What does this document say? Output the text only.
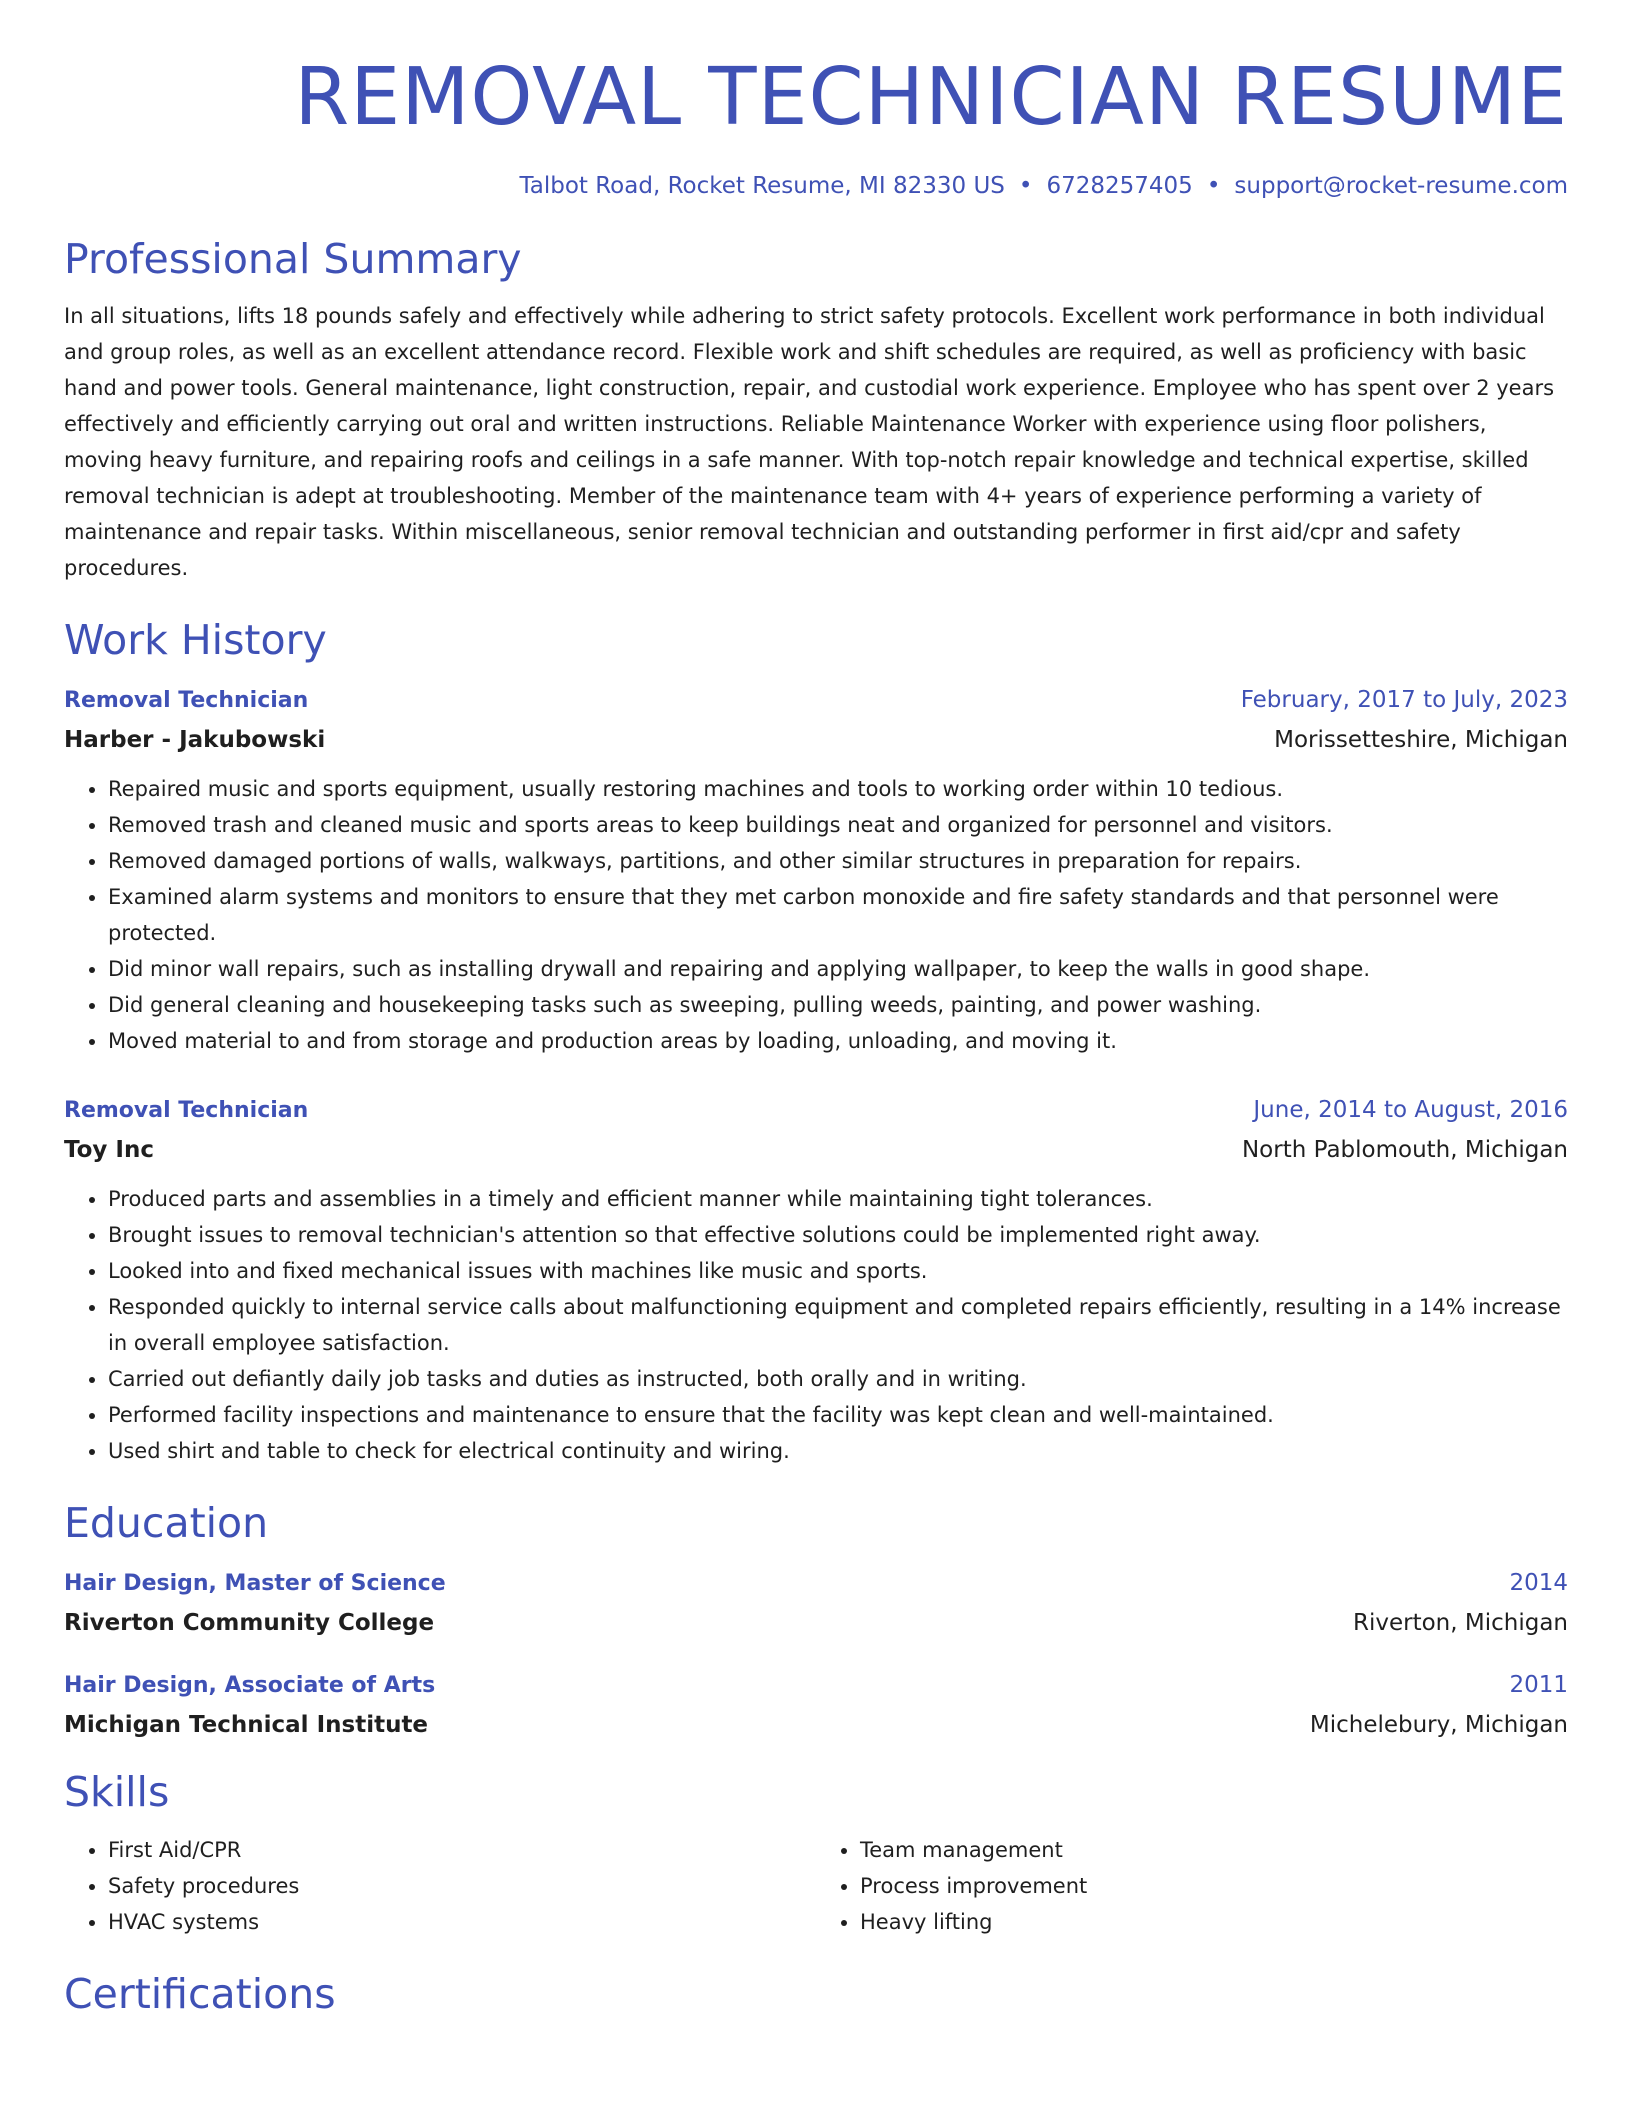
REMOVAL TECHNICIAN RESUME
Talbot Road, Rocket Resume, MI 82330 US • 6728257405 • support@rocket-resume.com
Professional Summary
In all situations, lifts 18 pounds safely and effectively while adhering to strict safety protocols. Excellent work performance in both individual and group roles, as well as an excellent attendance record. Flexible work and shift schedules are required, as well as proficiency with basic hand and power tools. General maintenance, light construction, repair, and custodial work experience. Employee who has spent over 2 years effectively and efficiently carrying out oral and written instructions. Reliable Maintenance Worker with experience using floor polishers, moving heavy furniture, and repairing roofs and ceilings in a safe manner. With top-notch repair knowledge and technical expertise, skilled removal technician is adept at troubleshooting. Member of the maintenance team with 4+ years of experience performing a variety of maintenance and repair tasks. Within miscellaneous, senior removal technician and outstanding performer in first aid/cpr and safety procedures.
Work History
Removal Technician	February, 2017 to July, 2023
Harber - Jakubowski	Morissetteshire, Michigan
• Repaired music and sports equipment, usually restoring machines and tools to working order within 10 tedious.
• Removed trash and cleaned music and sports areas to keep buildings neat and organized for personnel and visitors.
• Removed damaged portions of walls, walkways, partitions, and other similar structures in preparation for repairs.
• Examined alarm systems and monitors to ensure that they met carbon monoxide and fire safety standards and that personnel were protected.
• Did minor wall repairs, such as installing drywall and repairing and applying wallpaper, to keep the walls in good shape.
• Did general cleaning and housekeeping tasks such as sweeping, pulling weeds, painting, and power washing.
• Moved material to and from storage and production areas by loading, unloading, and moving it.
Removal Technician	June, 2014 to August, 2016
Toy Inc	North Pablomouth, Michigan
• Produced parts and assemblies in a timely and efficient manner while maintaining tight tolerances.
• Brought issues to removal technician's attention so that effective solutions could be implemented right away.
• Looked into and fixed mechanical issues with machines like music and sports.
• Responded quickly to internal service calls about malfunctioning equipment and completed repairs efficiently, resulting in a 14% increase in overall employee satisfaction.
• Carried out defiantly daily job tasks and duties as instructed, both orally and in writing.
• Performed facility inspections and maintenance to ensure that the facility was kept clean and well-maintained.
• Used shirt and table to check for electrical continuity and wiring.
Education
Hair Design, Master of Science	2014
Riverton Community College	Riverton, Michigan
Hair Design, Associate of Arts	2011
Michigan Technical Institute	Michelebury, Michigan
Skills
• First Aid/CPR
• Safety procedures
• HVAC systems
• Team management
• Process improvement
• Heavy lifting
Certifications
